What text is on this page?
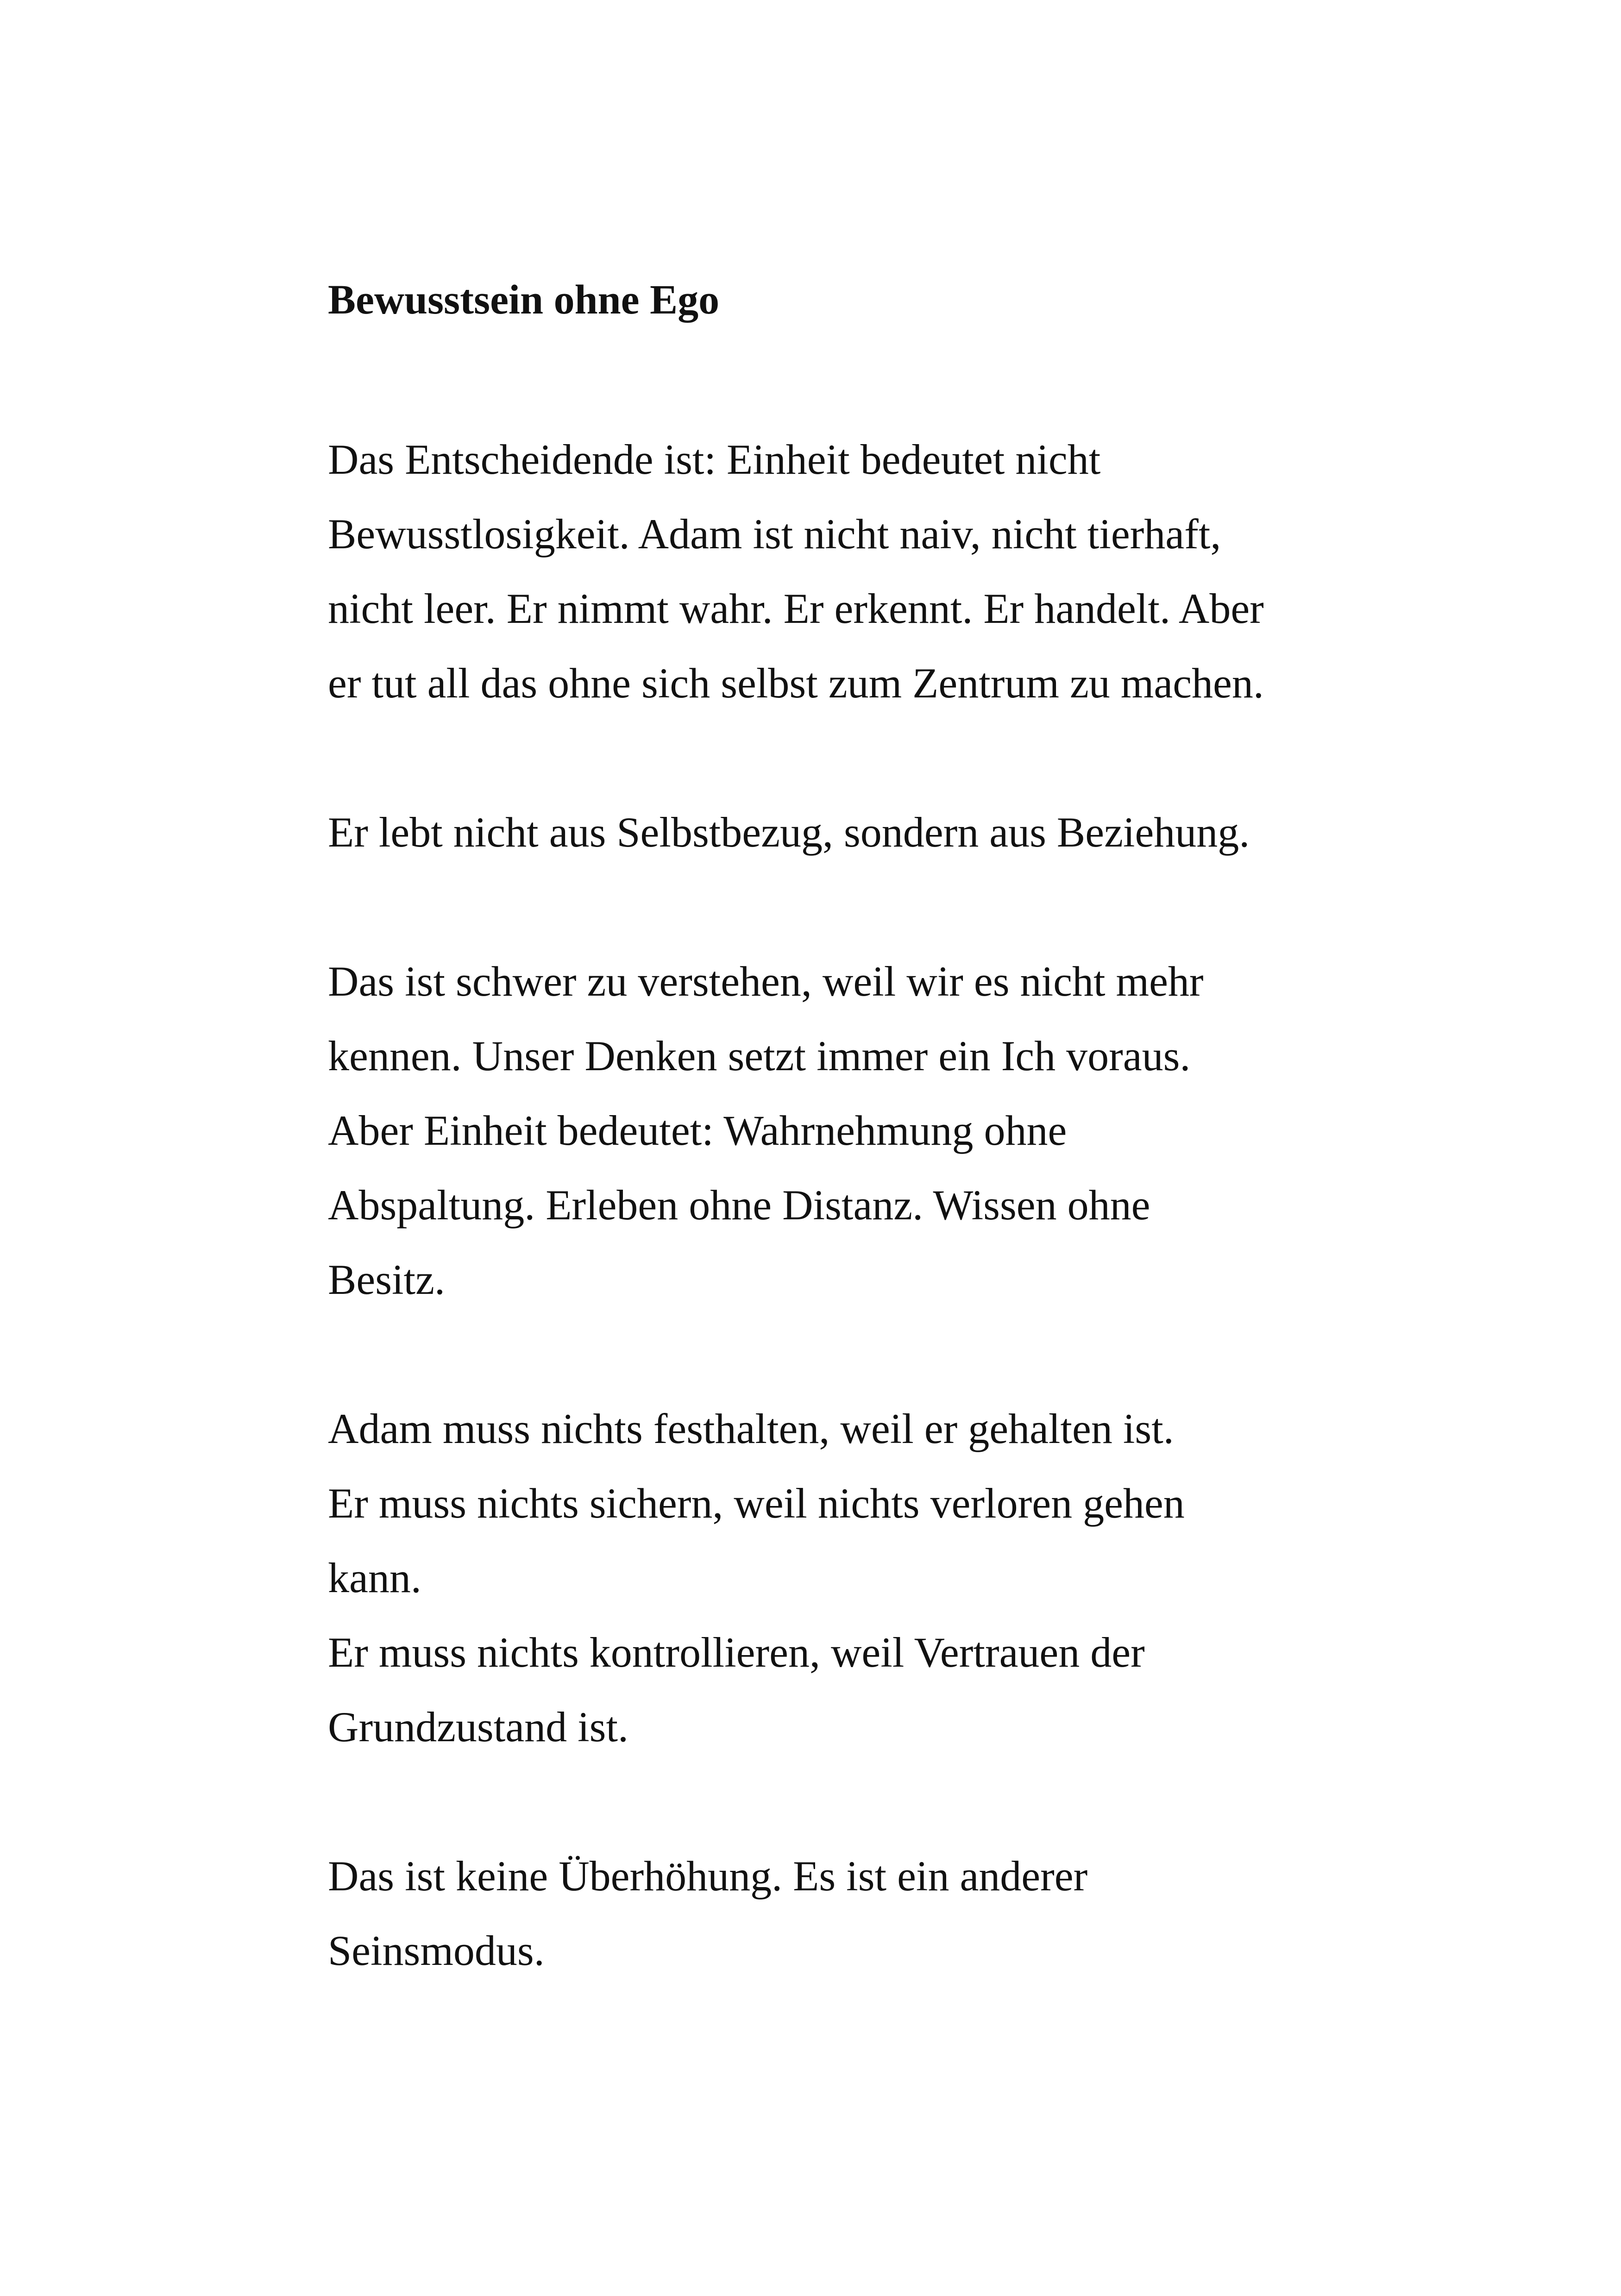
Bewusstsein ohne Ego

Das Entscheidende ist: Einheit bedeutet nicht
Bewusstlosigkeit. Adam ist nicht naiv, nicht tierhaft,
nicht leer. Er nimmt wahr. Er erkennt. Er handelt. Aber
er tut all das ohne sich selbst zum Zentrum zu machen.

Er lebt nicht aus Selbstbezug, sondern aus Beziehung.

Das ist schwer zu verstehen, weil wir es nicht mehr
kennen. Unser Denken setzt immer ein Ich voraus.
Aber Einheit bedeutet: Wahrnehmung ohne
Abspaltung. Erleben ohne Distanz. Wissen ohne
Besitz.

Adam muss nichts festhalten, weil er gehalten ist.
Er muss nichts sichern, weil nichts verloren gehen
kann.
Er muss nichts kontrollieren, weil Vertrauen der
Grundzustand ist.

Das ist keine Überhöhung. Es ist ein anderer
Seinsmodus.
